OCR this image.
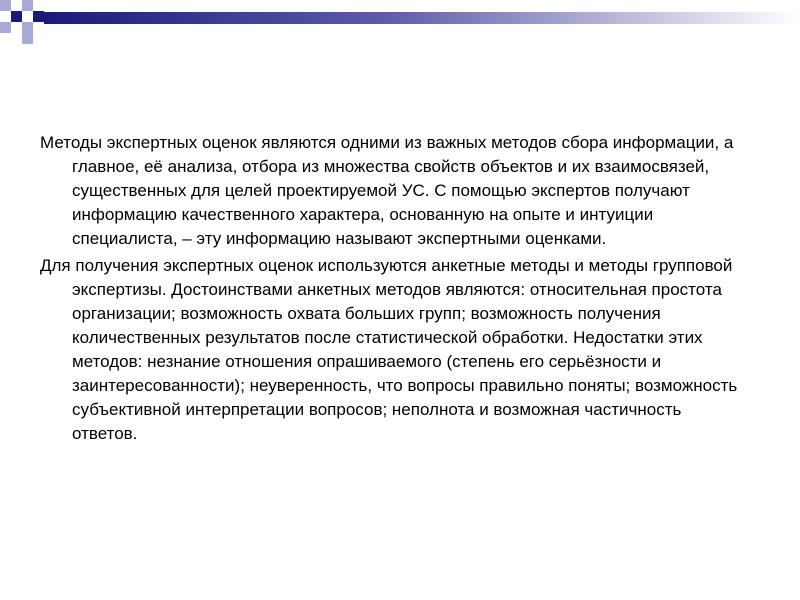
Методы экспертных оценок являются одними из важных методов сбора информации, а главное, её анализа, отбора из множества свойств объектов и их взаимосвязей, существенных для целей проектируемой УС. С помощью экспертов получают информацию качественного характера, основанную на опыте и интуиции специалиста, – эту информацию называют экспертными оценками.

Для получения экспертных оценок используются анкетные методы и методы групповой экспертизы. Достоинствами анкетных методов являются: относительная простота организации; возможность охвата больших групп; возможность получения количественных результатов после статистической обработки. Недостатки этих методов: незнание отношения опрашиваемого (степень его серьёзности и заинтересованности); неуверенность, что вопросы правильно поняты; возможность субъективной интерпретации вопросов; неполнота и возможная частичность ответов.
